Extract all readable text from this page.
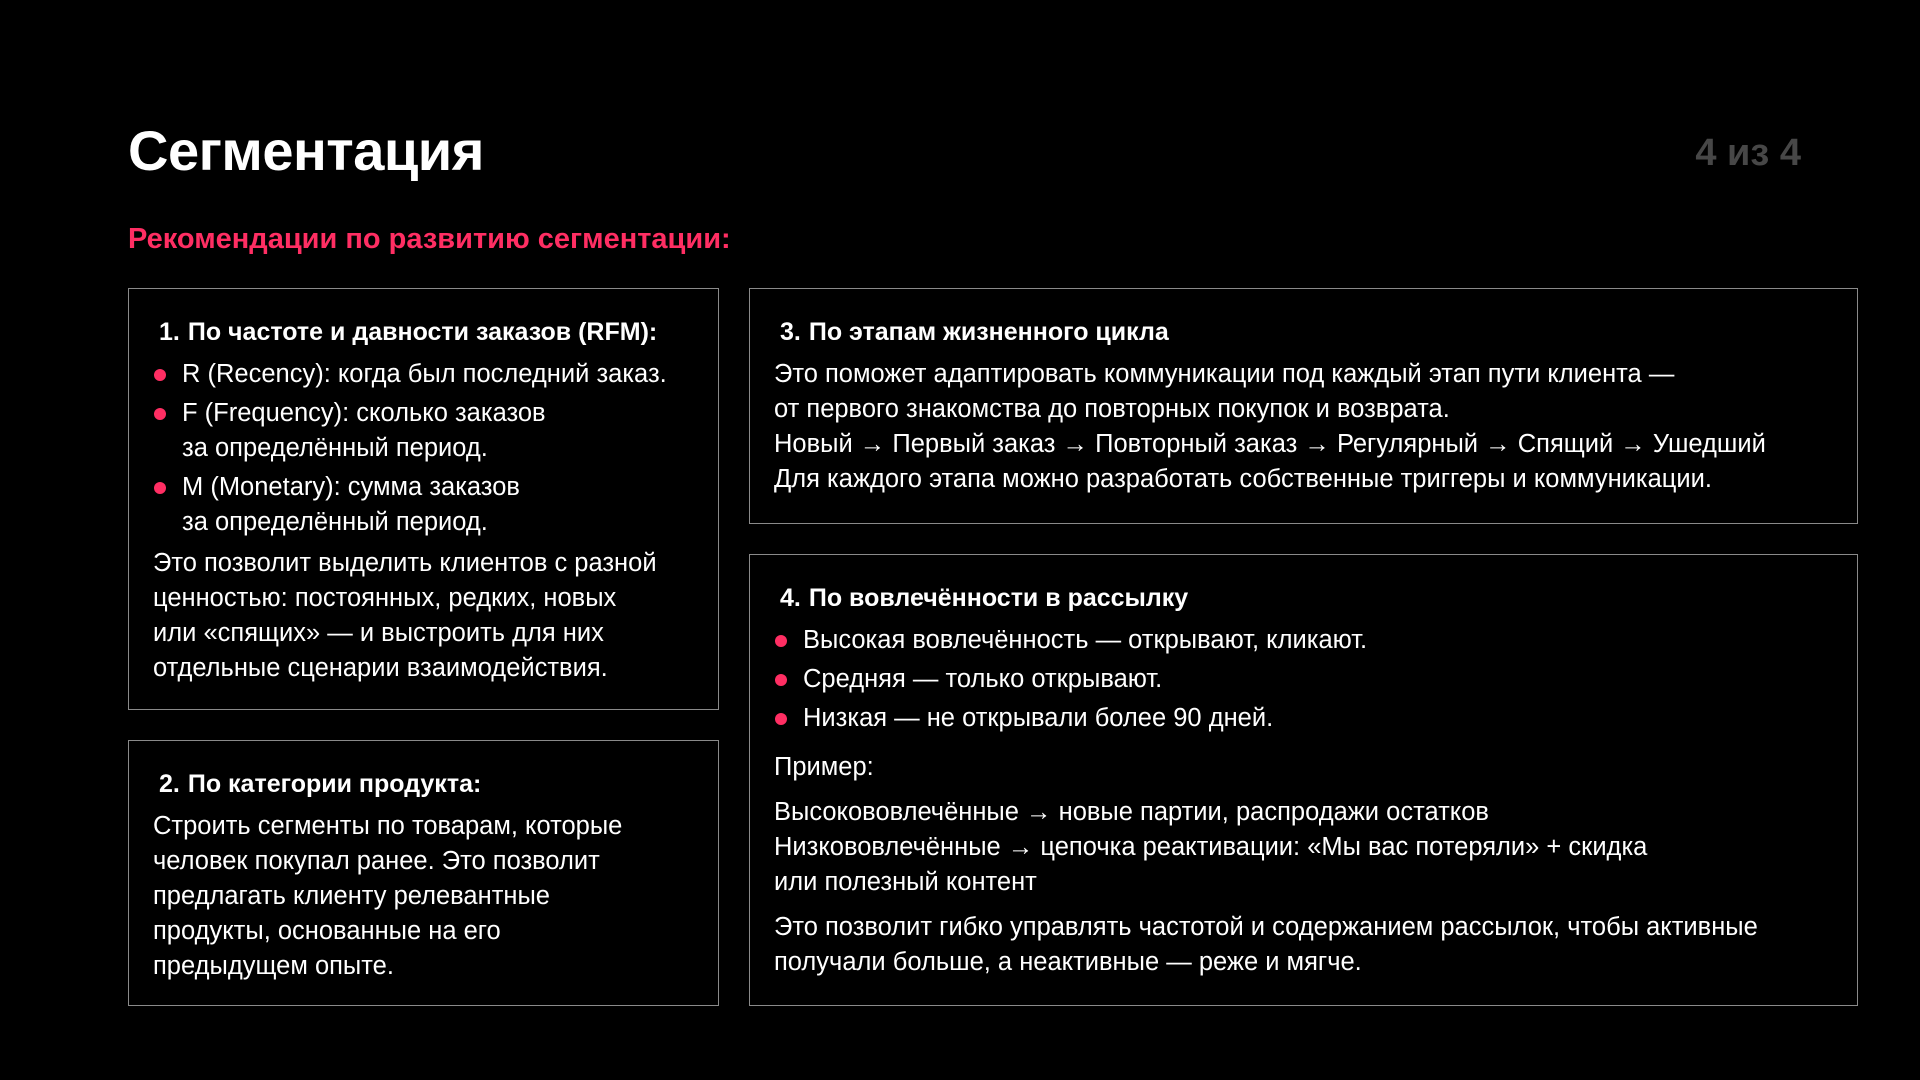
Сегментация	4 из 4
Рекомендации по развитию сегментации:
1. По частоте и давности заказов (RFM):
R (Recency): когда был последний заказ.
F (Frequency): сколько заказов
за определённый период.
M (Monetary): сумма заказов
за определённый период.
Это позволит выделить клиентов с разной
ценностью: постоянных, редких, новых
или «спящих» — и выстроить для них
отдельные сценарии взаимодействия.
2. По категории продукта:
Строить сегменты по товарам, которые
человек покупал ранее. Это позволит
предлагать клиенту релевантные
продукты, основанные на его
предыдущем опыте.
3. По этапам жизненного цикла
Это поможет адаптировать коммуникации под каждый этап пути клиента —
от первого знакомства до повторных покупок и возврата.
Новый → Первый заказ → Повторный заказ → Регулярный → Спящий → Ушедший
Для каждого этапа можно разработать собственные триггеры и коммуникации.
4. По вовлечённости в рассылку
Высокая вовлечённость — открывают, кликают.
Средняя — только открывают.
Низкая — не открывали более 90 дней.
Пример:
Высокововлечённые → новые партии, распродажи остатков
Низкововлечённые → цепочка реактивации: «Мы вас потеряли» + скидка
или полезный контент
Это позволит гибко управлять частотой и содержанием рассылок, чтобы активные
получали больше, а неактивные — реже и мягче.
